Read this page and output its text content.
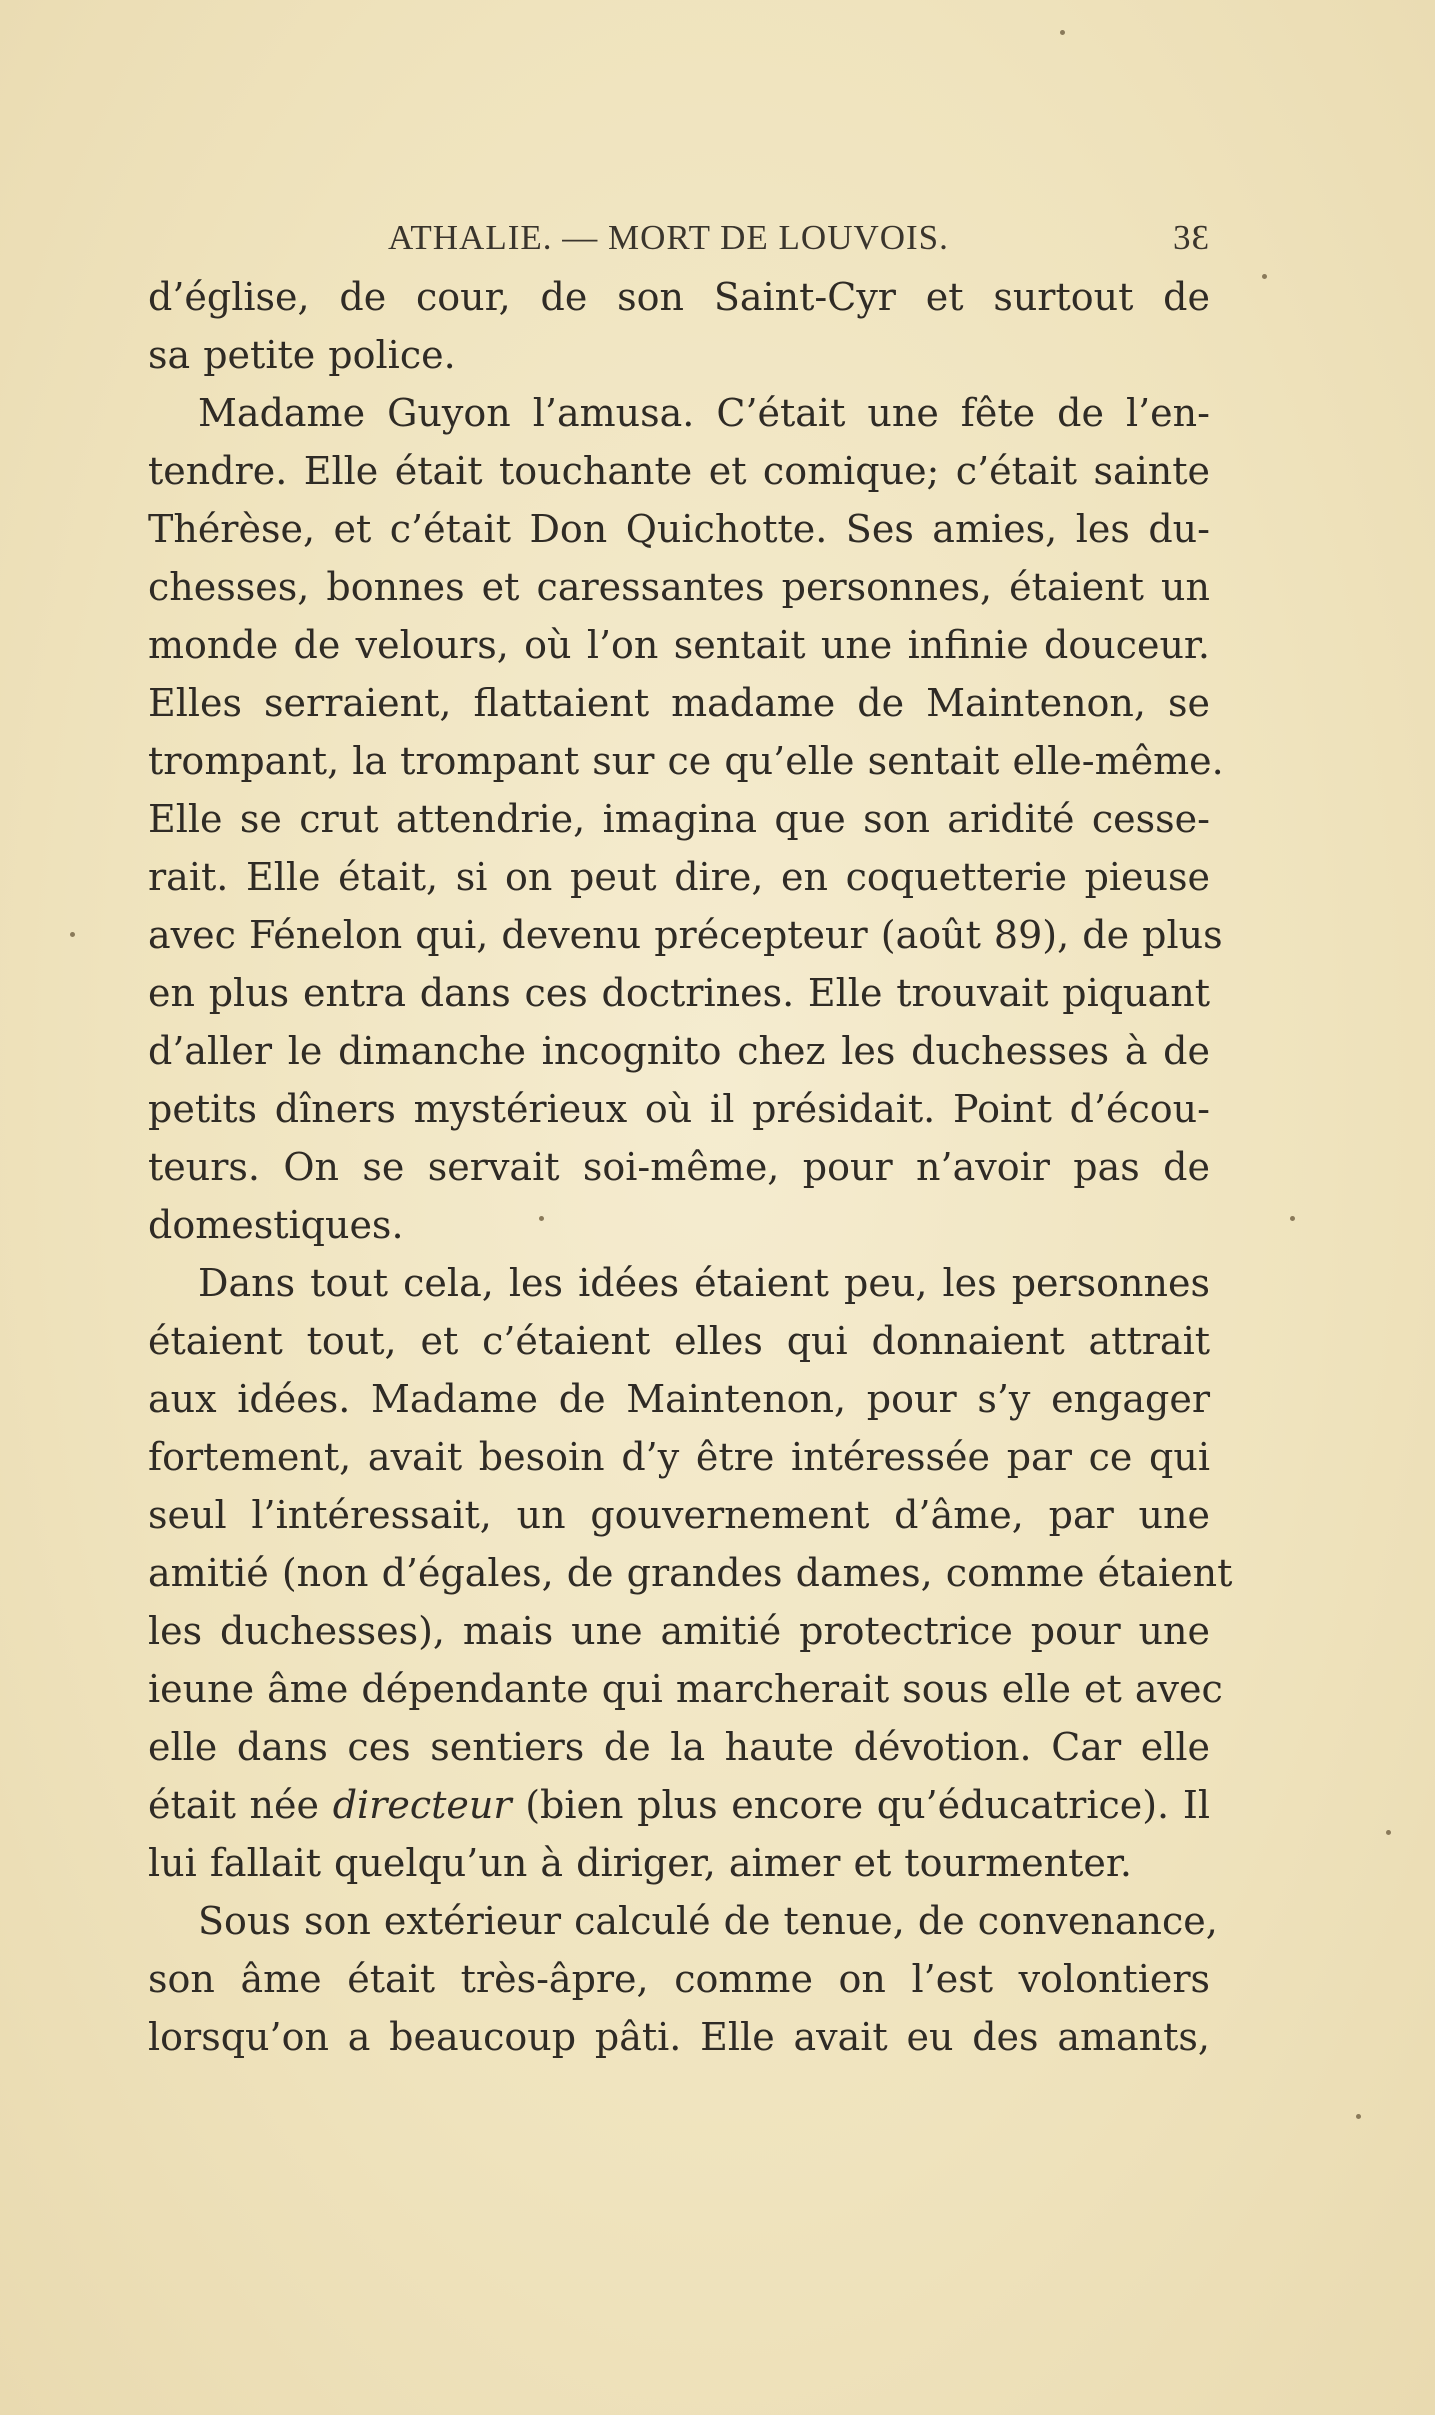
ATHALIE. — MORT DE LOUVOIS.	3Ɛ
d’église, de cour, de son Saint-Cyr et surtout de
sa petite police.
Madame Guyon l’amusa. C’était une fête de l’en-
tendre. Elle était touchante et comique; c’était sainte
Thérèse, et c’était Don Quichotte. Ses amies, les du-
chesses, bonnes et caressantes personnes, étaient un
monde de velours, où l’on sentait une infinie douceur.
Elles serraient, flattaient madame de Maintenon, se
trompant, la trompant sur ce qu’elle sentait elle-même.
Elle se crut attendrie, imagina que son aridité cesse-
rait. Elle était, si on peut dire, en coquetterie pieuse
avec Fénelon qui, devenu précepteur (août 89), de plus
en plus entra dans ces doctrines. Elle trouvait piquant
d’aller le dimanche incognito chez les duchesses à de
petits dîners mystérieux où il présidait. Point d’écou-
teurs. On se servait soi-même, pour n’avoir pas de
domestiques.
Dans tout cela, les idées étaient peu, les personnes
étaient tout, et c’étaient elles qui donnaient attrait
aux idées. Madame de Maintenon, pour s’y engager
fortement, avait besoin d’y être intéressée par ce qui
seul l’intéressait, un gouvernement d’âme, par une
amitié (non d’égales, de grandes dames, comme étaient
les duchesses), mais une amitié protectrice pour une
ieune âme dépendante qui marcherait sous elle et avec
elle dans ces sentiers de la haute dévotion. Car elle
était née directeur (bien plus encore qu’éducatrice). Il
lui fallait quelqu’un à diriger, aimer et tourmenter.
Sous son extérieur calculé de tenue, de convenance,
son âme était très-âpre, comme on l’est volontiers
lorsqu’on a beaucoup pâti. Elle avait eu des amants,
